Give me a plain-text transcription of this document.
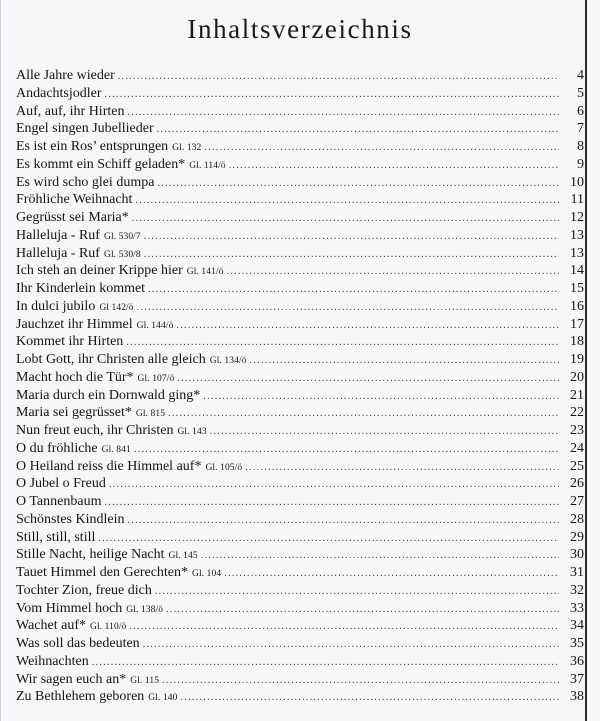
Inhaltsverzeichnis
Alle Jahre wieder .....	4
Andachtsjodler .....	5
Auf, auf, ihr Hirten .....	6
Engel singen Jubellieder .....	7
Es ist ein Ros’ entsprungen Gl. 132 .....	8
Es kommt ein Schiff geladen* Gl. 114/ö .....	9
Es wird scho glei dumpa .....	10
Fröhliche Weihnacht .....	11
Gegrüsst sei Maria* .....	12
Halleluja - Ruf Gl. 530/7 .....	13
Halleluja - Ruf Gl. 530/8 .....	13
Ich steh an deiner Krippe hier Gl. 141/ö .....	14
Ihr Kinderlein kommet .....	15
In dulci jubilo Gl 142/ö .....	16
Jauchzet ihr Himmel Gl. 144/ö .....	17
Kommet ihr Hirten .....	18
Lobt Gott, ihr Christen alle gleich Gl. 134/ö .....	19
Macht hoch die Tür* Gl. 107/ö .....	20
Maria durch ein Dornwald ging* .....	21
Maria sei gegrüsset* Gl. 815 .....	22
Nun freut euch, ihr Christen Gl. 143 .....	23
O du fröhliche Gl. 841 .....	24
O Heiland reiss die Himmel auf* Gl. 105/ö .....	25
O Jubel o Freud .....	26
O Tannenbaum .....	27
Schönstes Kindlein .....	28
Still, still, still .....	29
Stille Nacht, heilige Nacht Gl. 145 .....	30
Tauet Himmel den Gerechten* Gl. 104 .....	31
Tochter Zion, freue dich .....	32
Vom Himmel hoch Gl. 138/ö .....	33
Wachet auf* Gl. 110/ö .....	34
Was soll das bedeuten .....	35
Weihnachten .....	36
Wir sagen euch an* Gl. 115 .....	37
Zu Bethlehem geboren Gl. 140 .....	38
